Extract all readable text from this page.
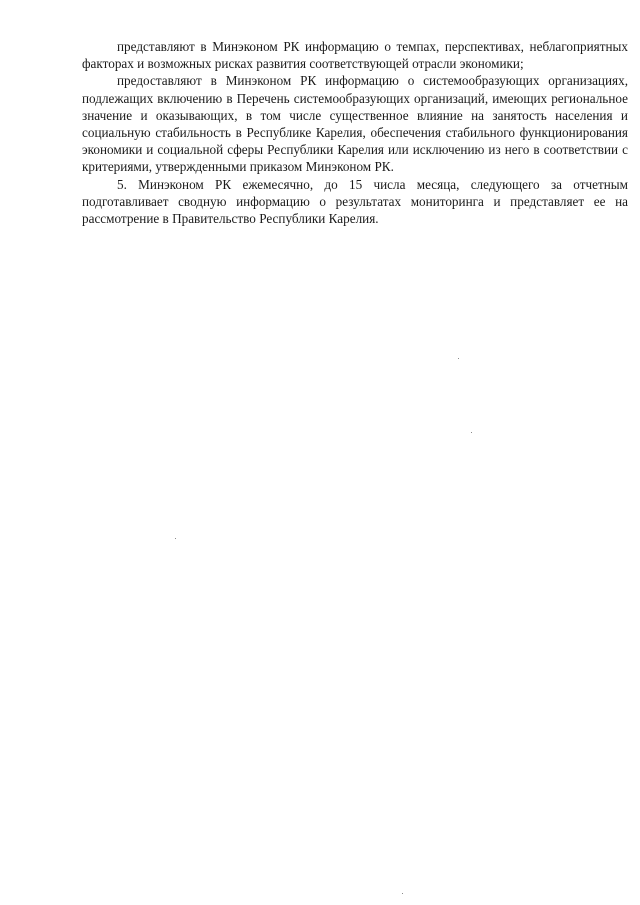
представляют в Минэконом РК информацию о темпах, перспективах, неблагоприятных факторах и возможных рисках развития соответствующей отрасли экономики;

предоставляют в Минэконом РК информацию о системообразующих организациях, подлежащих включению в Перечень системообразующих организаций, имеющих региональное значение и оказывающих, в том числе существенное влияние на занятость населения и социальную стабильность в Республике Карелия, обеспечения стабильного функционирования экономики и социальной сферы Республики Карелия или исключению из него в соответствии с критериями, утвержденными приказом Минэконом РК.

5. Минэконом РК ежемесячно, до 15 числа месяца, следующего за отчетным подготавливает сводную информацию о результатах мониторинга и представляет ее на рассмотрение в Правительство Республики Карелия.
